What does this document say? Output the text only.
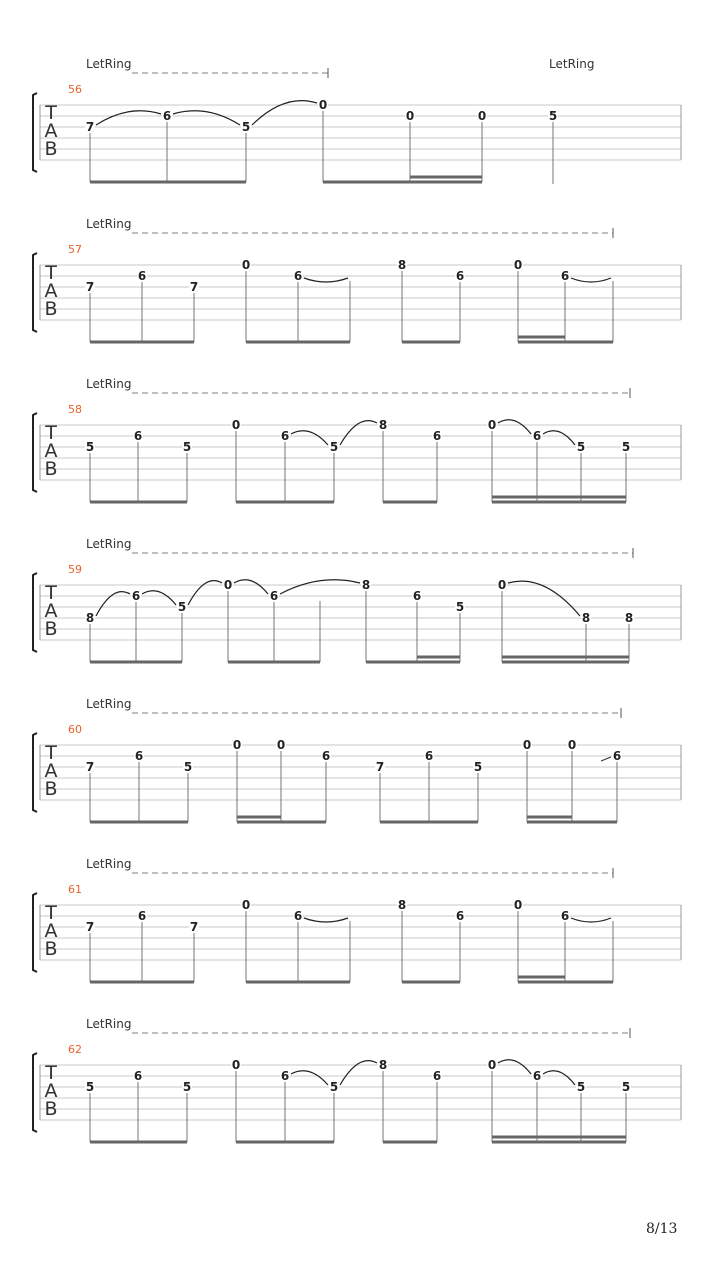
T
A
B
56
LetRing	LetRing
7
6
5
0
0	0	5
T
A
B
57
LetRing
7
6
7
0
6
8
6
0
6
T
A
B
58
LetRing
5
6
5
0
6
5
8
6
0
6
5	5
T
A
B
59
LetRing
8
6
5
0
6
8
6
5
0
8	8
T
A
B
60
LetRing
7
6
5
0	0
6
7
6
5
0	0
6
T
A
B
61
LetRing
7
6
7
0
6
8
6
0
6
T
A
B
62
LetRing
5
6
5
0
6
5
8
6
0
6
5	5
8/13
